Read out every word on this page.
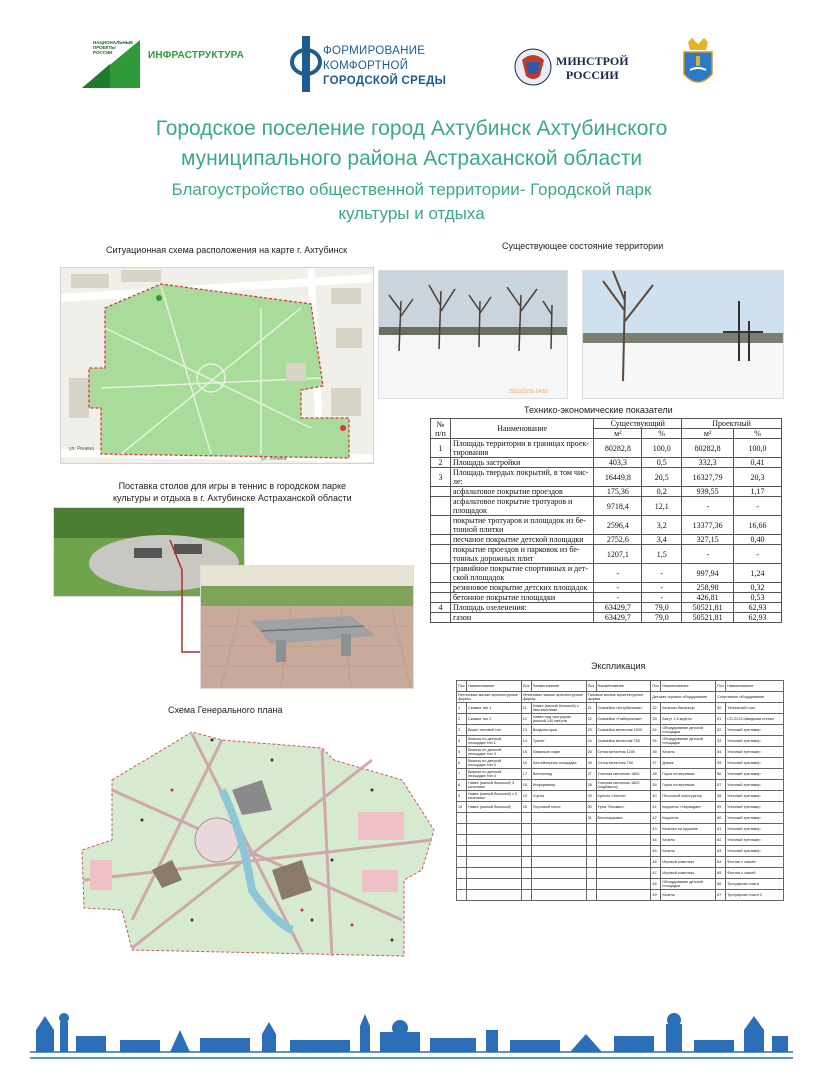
НАЦИОНАЛЬНЫЕ ПРОЕКТЫ РОССИИ	ИНФРАСТРУКТУРА	ФОРМИРОВАНИЕ
КОМФОРТНОЙ
ГОРОДСКОЙ СРЕДЫ
МИНСТРОЙ
РОССИИ
Городское поселение город Ахтубинск Ахтубинского
муниципального района Астраханской области
Благоустройство общественной территории- Городской парк
культуры и отдыха
Ситуационная схема расположения на карте г. Ахтубинск	Существующее состояние территории
ул. Ренина
ул. Ленина
2021/12/16 14:53
Поставка столов для игры в теннис в городском парке
культуры и отдыха в г. Ахтубинске Астраханской области
Технико-экономические показатели
№ п/п	Наименование	Существующий		Проектный	
		м²	%	м²	%
1	Площадь территории в границах проек-тирования	80282,8	100,0	80282,8	100,0
2	Площадь застройки	403,3	0,5	332,3	0,41
3	Площадь твердых покрытий, в том чис-ле:	16449,8	20,5	16327,79	20,3
	асфальтовое покрытие проездов	175,36	0,2	939,55	1,17
	асфальтовое покрытие тротуаров и площадок	9718,4	12,1	-	-
	покрытие тротуаров и площадок из бе-тонной плитки	2596,4	3,2	13377,36	16,66
	песчаное покрытие детской площадки	2752,6	3,4	327,15	0,40
	покрытие проездов и парковок из бе-тонных дорожных плит	1207,1	1,5	-	-
	гравийное покрытие спортивных и дет-ской площадок	-	-	997,94	1,24
	резиновое покрытие детских площадок	-	-	258,98	0,32
	бетонное покрытие площадки	-	-	426,81	0,53
4	Площадь озеленения:	63429,7	79,0	50521,81	62,93
	газон	63429,7	79,0	50521,81	62,93
Экспликация
Поз	Наименование	Поз	Наименование	Поз	Наименование	Поз	Наименование	Поз	Наименование
Нетиповые малые архитектурные формы		Нетиповые малые архитектурные формы		Типовые малые архитектурные формы		Детские игровое оборудование		Спортивное оборудование	
1	Скамья тип 1	11	Навес (малый большой) с 3мя качелями	21	Скамейка «Ахтубинская»	32	Качалки-балансир	50	Теннисный стол
2	Скамья тип 2	12	Навес над тротуаром (малый 140 метров	22	Скамейка «Набережная»	33	Батут 1,5 муфты	51	СО-2213 Шведская стенка
3	Вазон типовой тип	13	Входная арка	23	Скамейка металлик 1500	34	Оборудование детской площадки	52	Уличный тренажер
4	Вазоны по детской площадке тип 1	14	Туалет	24	Скамейка металлик 750	35	Оборудование детской площадки	53	Уличный тренажер
5	Вазоны по детской площадке тип 3	15	Павильон кафе	25	Сетка металлик 1200	36	Качель	54	Уличный тренажер
6	Вазоны по детской площадке тип 3	16	Контейнерная площадка	26	Сетка металлик 750	37	Домик	55	Уличный тренажер
7	Вазоны по детской площадке тип 4	17	Велосипед	27	Уличная металлик 1800	38	Горка на веревках	56	Уличный тренажер
8	Навес (малый большой) 3 качелями	18	Информатор	28	Уличная металлик 1800 (подбашня)	39	Горка на веревках	57	Уличный тренажер
9	Навес (малый большой) с 3 качелями	19	Сцена	29	Кресло «Антон»	40	Песочный конструктор	58	Уличный тренажер
10	Навес (малый большой)	20	Перговый полог	30	Урна "Москвич"	41	Карусель «Нарвадан»	59	Уличный тренажер
				31	Велопарковка	42	Карусель	60	Уличный тренажер
						43	Качалка на пружине	61	Уличный тренажер
						44	Качель	62	Уличный тренажер
						45	Качель	63	Уличный тренажер
						46	Игровой комплекс	64	Фонтан с чашей
						47	Игровой комплекс	65	Фонтан с чашей
						48	Оборудование детской площадки	66	Тротуарная плита
						49	Качель	67	Тротуарная плита 2
Схема Генерального плана
